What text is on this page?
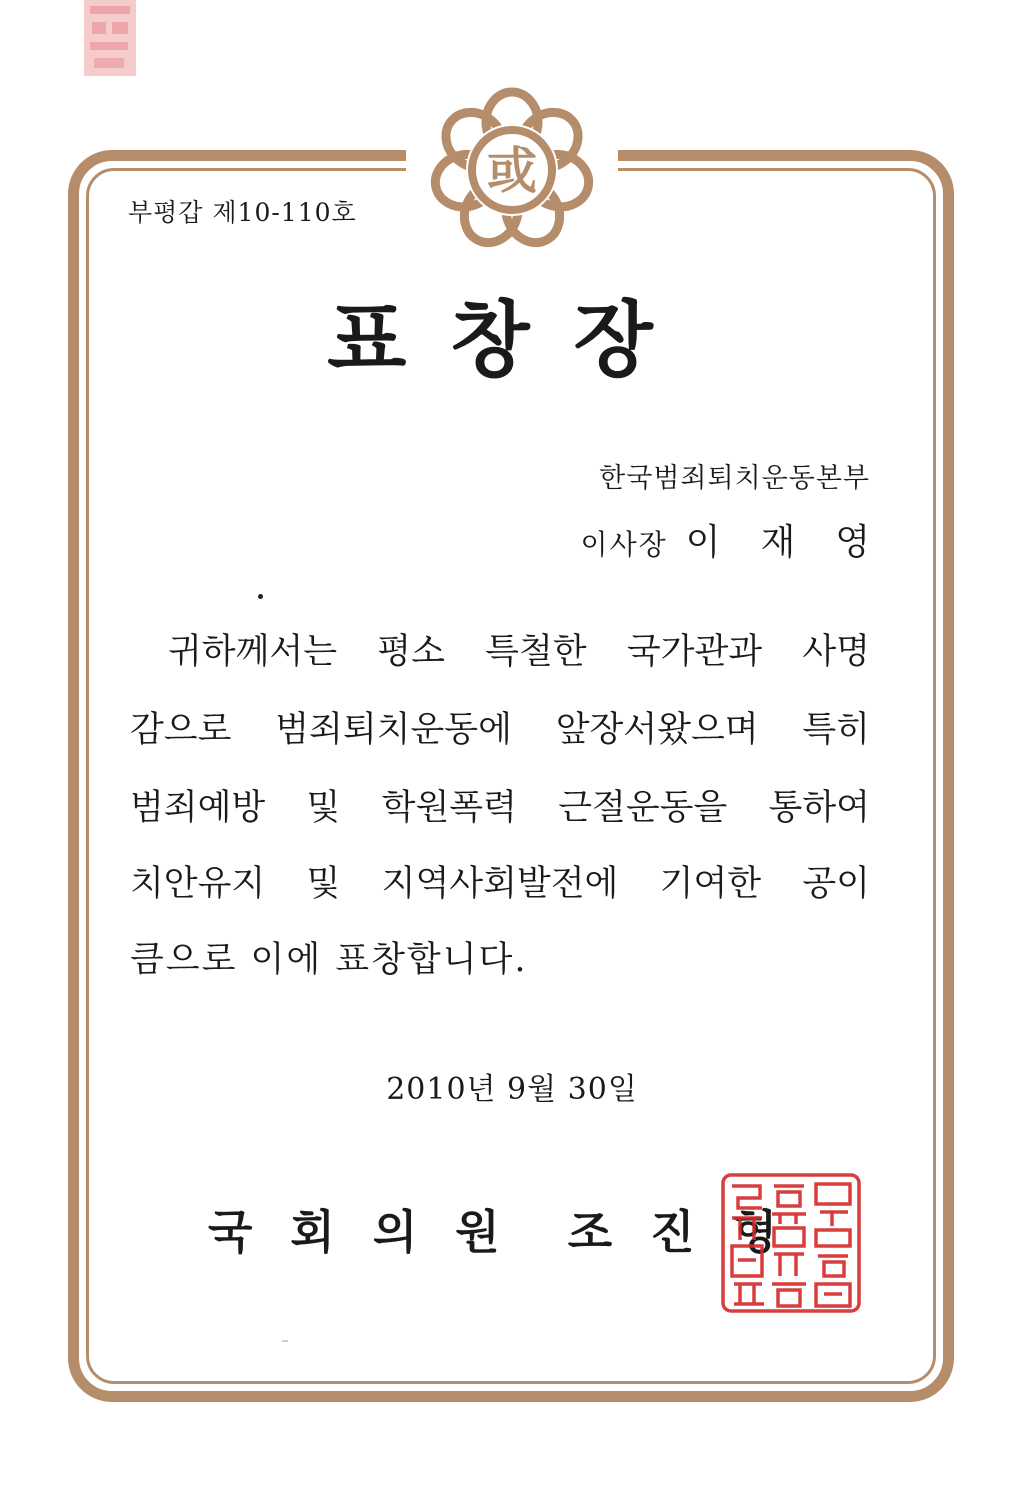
或
부평갑 제10-110호
표창장
한국범죄퇴치운동본부
이사장 이재영
귀하께서는 평소 특철한 국가관과 사명
감으로 범죄퇴치운동에 앞장서왔으며 특히
범죄예방 및 학원폭력 근절운동을 통하여
치안유지 및 지역사회발전에 기여한 공이
큼으로 이에 표창합니다.
2010년 9월 30일
국회의원 조진형
